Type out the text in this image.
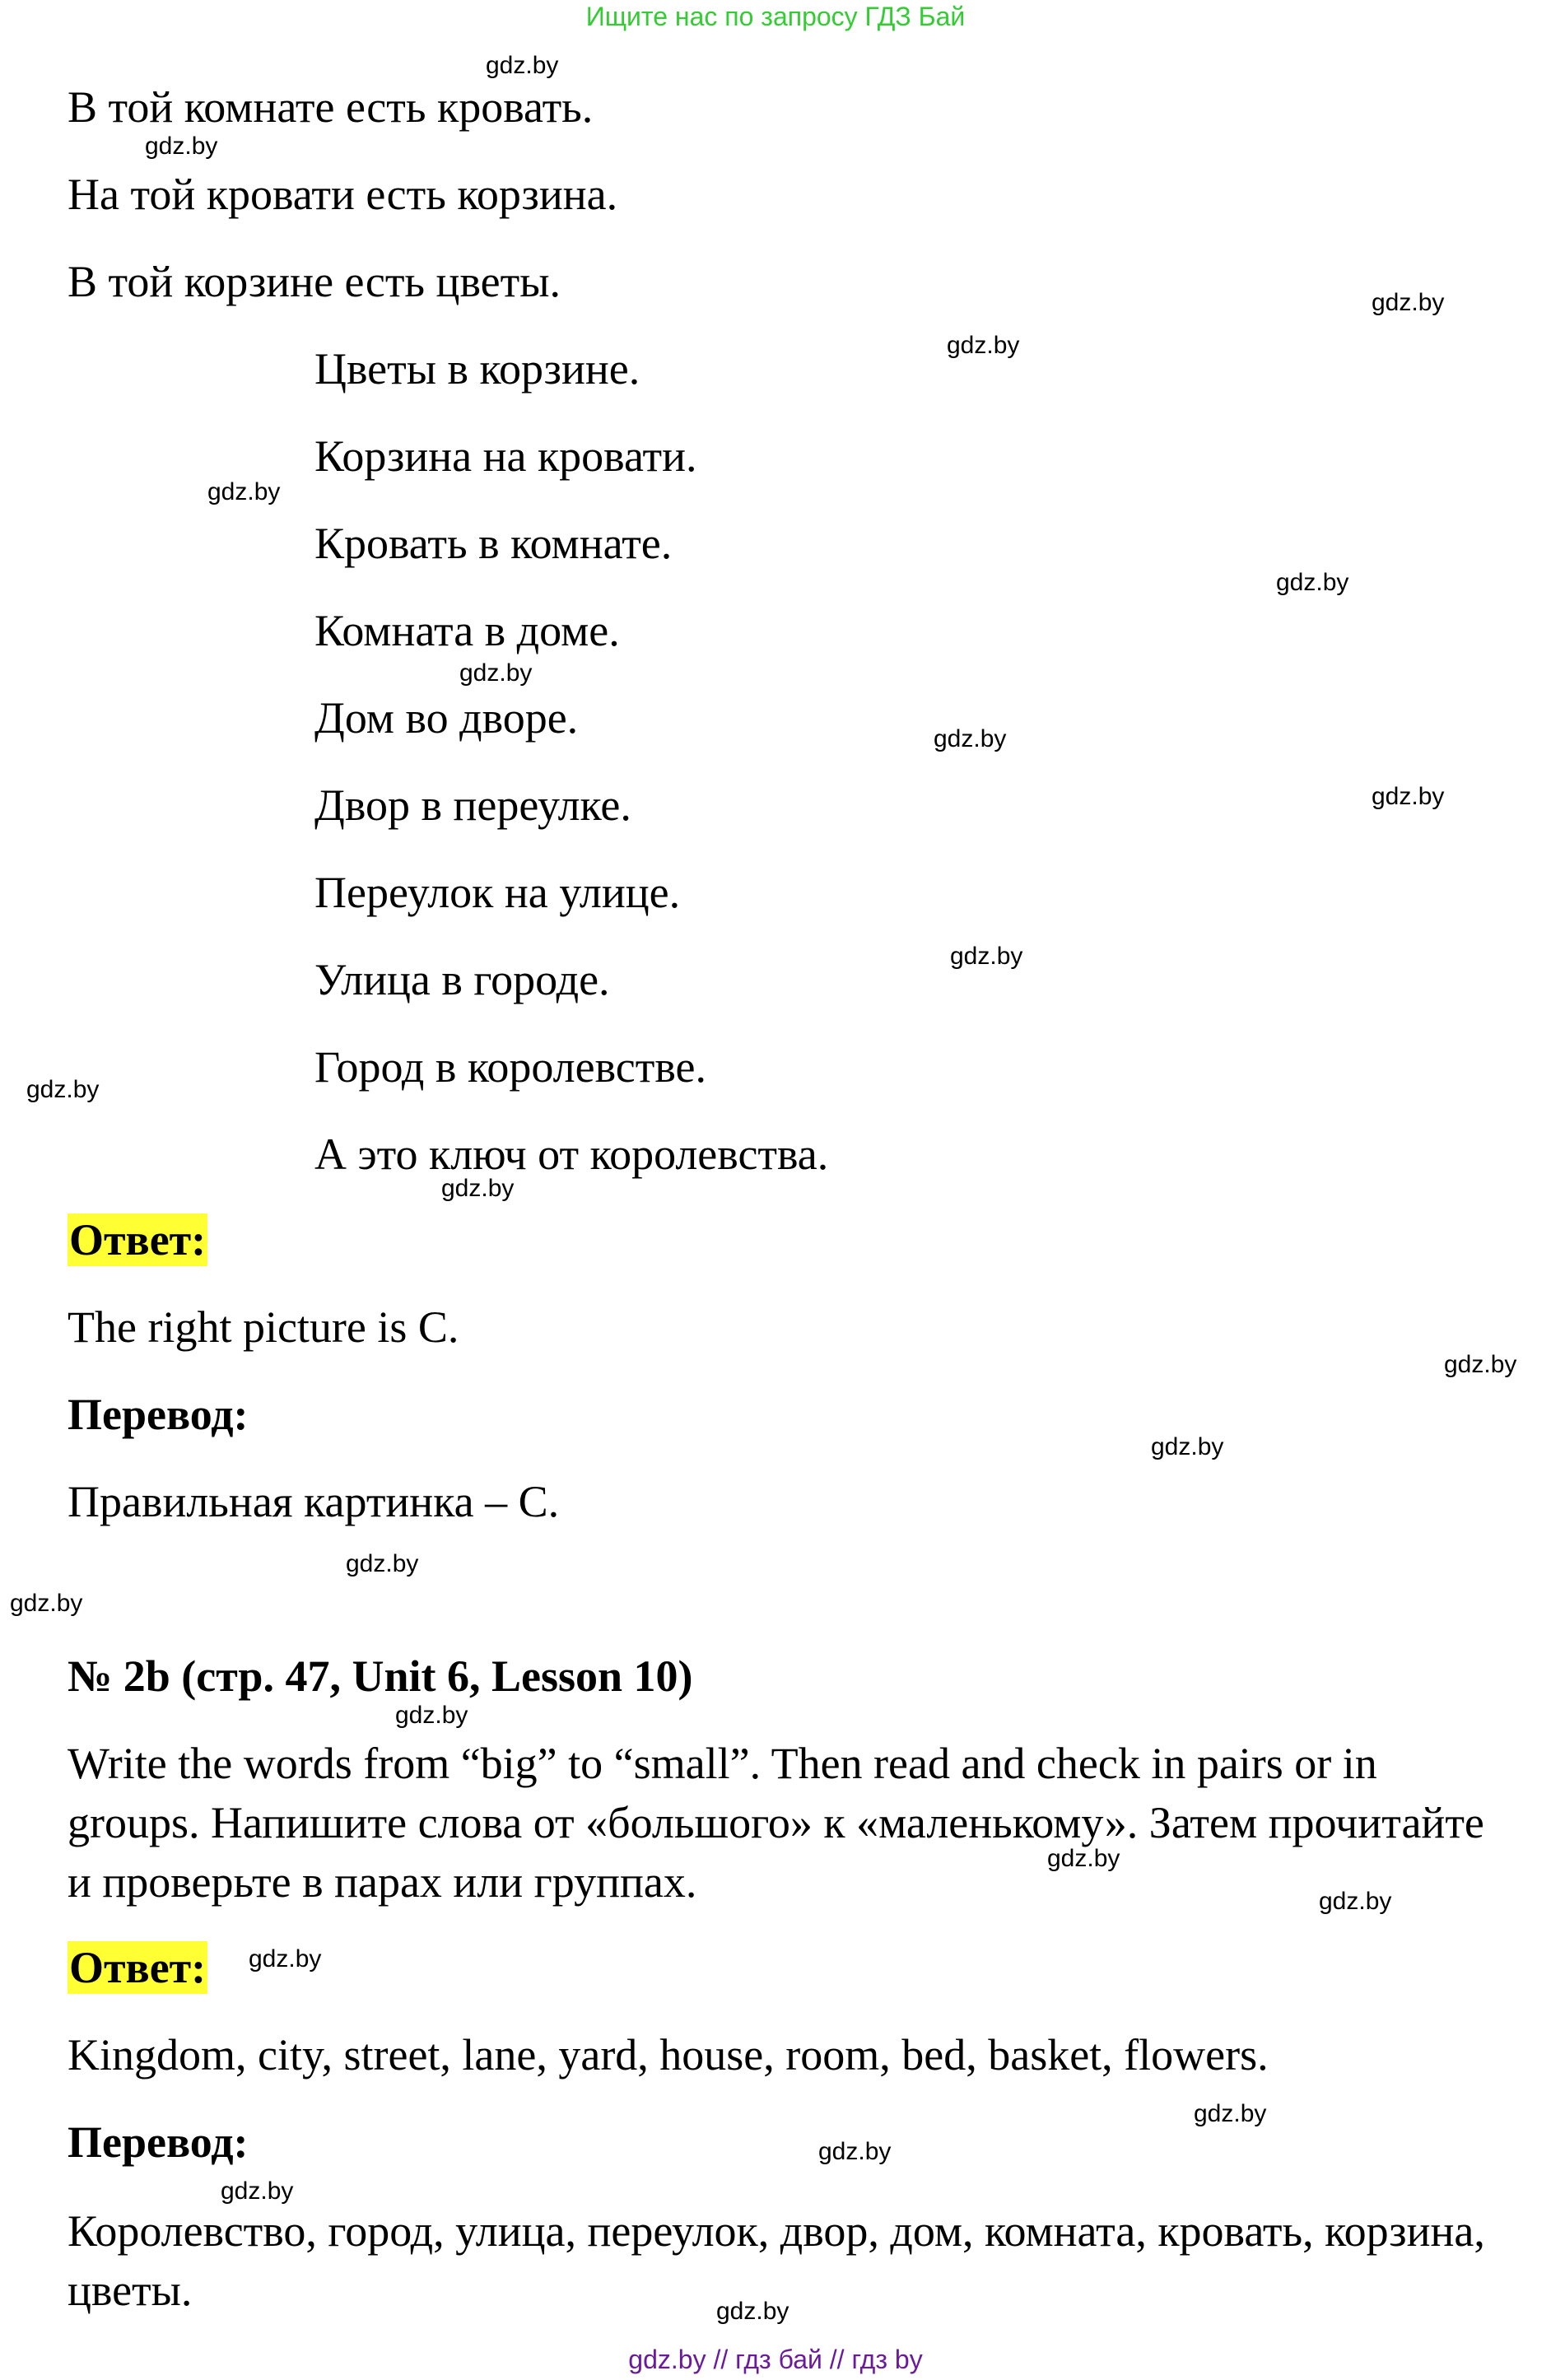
Ищите нас по запросу ГДЗ Бай
В той комнате есть кровать.
На той кровати есть корзина.
В той корзине есть цветы.
Цветы в корзине.
Корзина на кровати.
Кровать в комнате.
Комната в доме.
Дом во дворе.
Двор в переулке.
Переулок на улице.
Улица в городе.
Город в королевстве.
А это ключ от королевства.
Ответ:
The right picture is C.
Перевод:
Правильная картинка – С.
№ 2b (стр. 47, Unit 6, Lesson 10)
Write the words from “big” to “small”. Then read and check in pairs or in groups. Напишите слова от «большого» к «маленькому». Затем прочитайте и проверьте в парах или группах.
Ответ:
Kingdom, city, street, lane, yard, house, room, bed, basket, flowers.
Перевод:
Королевство, город, улица, переулок, двор, дом, комната, кровать, корзина, цветы.
gdz.by
gdz.by
gdz.by
gdz.by
gdz.by
gdz.by
gdz.by
gdz.by
gdz.by
gdz.by
gdz.by
gdz.by
gdz.by
gdz.by
gdz.by
gdz.by
gdz.by
gdz.by
gdz.by
gdz.by
gdz.by
gdz.by
gdz.by
gdz.by
gdz.by // гдз бай // гдз by
